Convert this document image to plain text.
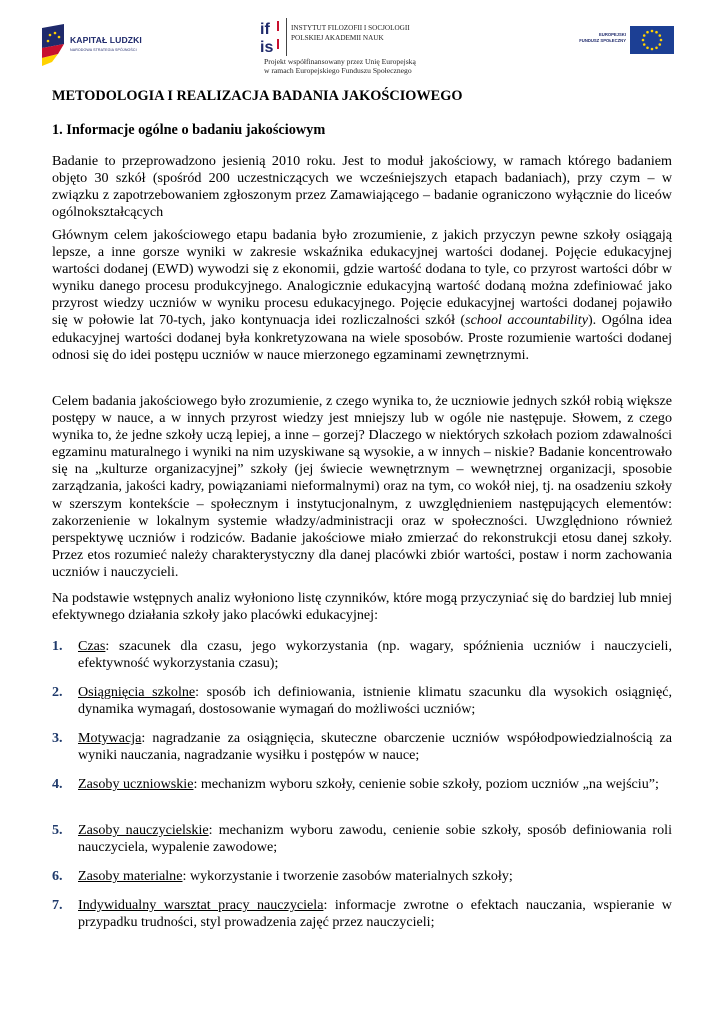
KAPITAŁ LUDZKI
NARODOWA STRATEGIA SPÓJNOŚCI
if
is
INSTYTUT FILOZOFII I SOCJOLOGII
POLSKIEJ AKADEMII NAUK
Projekt współfinansowany przez Unię Europejską
w ramach Europejskiego Funduszu Społecznego
EUROPEJSKI
FUNDUSZ SPOŁECZNY
METODOLOGIA I REALIZACJA BADANIA JAKOŚCIOWEGO
1. Informacje ogólne o badaniu jakościowym

Badanie to przeprowadzono jesienią 2010 roku. Jest to moduł jakościowy, w ramach którego badaniem objęto 30 szkół (spośród 200 uczestniczących we wcześniejszych etapach badaniach), przy czym – w związku z zapotrzebowaniem zgłoszonym przez Zamawiającego – badanie ograniczono wyłącznie do liceów ogólnokształcących

Głównym celem jakościowego etapu badania było zrozumienie, z jakich przyczyn pewne szkoły osiągają lepsze, a inne gorsze wyniki w zakresie wskaźnika edukacyjnej wartości dodanej. Pojęcie edukacyjnej wartości dodanej (EWD) wywodzi się z ekonomii, gdzie wartość dodana to tyle, co przyrost wartości dóbr w wyniku danego procesu produkcyjnego. Analogicznie edukacyjną wartość dodaną można zdefiniować jako przyrost wiedzy uczniów w wyniku procesu edukacyjnego. Pojęcie edukacyjnej wartości dodanej pojawiło się w połowie lat 70-tych, jako kontynuacja idei rozliczalności szkół (school accountability). Ogólna idea edukacyjnej wartości dodanej była konkretyzowana na wiele sposobów. Proste rozumienie wartości dodanej odnosi się do idei postępu uczniów w nauce mierzonego egzaminami zewnętrznymi.

Celem badania jakościowego było zrozumienie, z czego wynika to, że uczniowie jednych szkół robią większe postępy w nauce, a w innych przyrost wiedzy jest mniejszy lub w ogóle nie następuje. Słowem, z czego wynika to, że jedne szkoły uczą lepiej, a inne – gorzej? Dlaczego w niektórych szkołach poziom zdawalności egzaminu maturalnego i wyniki na nim uzyskiwane są wysokie, a w innych – niskie? Badanie koncentrowało się na „kulturze organizacyjnej” szkoły (jej świecie wewnętrznym – wewnętrznej organizacji, sposobie zarządzania, jakości kadry, powiązaniami nieformalnymi) oraz na tym, co wokół niej, tj. na osadzeniu szkoły w szerszym kontekście – społecznym i instytucjonalnym, z uwzględnieniem następujących elementów: zakorzenienie w lokalnym systemie władzy/administracji oraz w społeczności. Uwzględniono również perspektywę uczniów i rodziców. Badanie jakościowe miało zmierzać do rekonstrukcji etosu danej szkoły. Przez etos rozumieć należy charakterystyczny dla danej placówki zbiór wartości, postaw i norm zachowania uczniów i nauczycieli.

Na podstawie wstępnych analiz wyłoniono listę czynników, które mogą przyczyniać się do bardziej lub mniej efektywnego działania szkoły jako placówki edukacyjnej:

1. Czas: szacunek dla czasu, jego wykorzystania (np. wagary, spóźnienia uczniów i nauczycieli, efektywność wykorzystania czasu);
2. Osiągnięcia szkolne: sposób ich definiowania, istnienie klimatu szacunku dla wysokich osiągnięć, dynamika wymagań, dostosowanie wymagań do możliwości uczniów;
3. Motywacja: nagradzanie za osiągnięcia, skuteczne obarczenie uczniów współodpowiedzialnością za wyniki nauczania, nagradzanie wysiłku i postępów w nauce;
4. Zasoby uczniowskie: mechanizm wyboru szkoły, cenienie sobie szkoły, poziom uczniów „na wejściu”;
5. Zasoby nauczycielskie: mechanizm wyboru zawodu, cenienie sobie szkoły, sposób definiowania roli nauczyciela, wypalenie zawodowe;
6. Zasoby materialne: wykorzystanie i tworzenie zasobów materialnych szkoły;
7. Indywidualny warsztat pracy nauczyciela: informacje zwrotne o efektach nauczania, wspieranie w przypadku trudności, styl prowadzenia zajęć przez nauczycieli;
